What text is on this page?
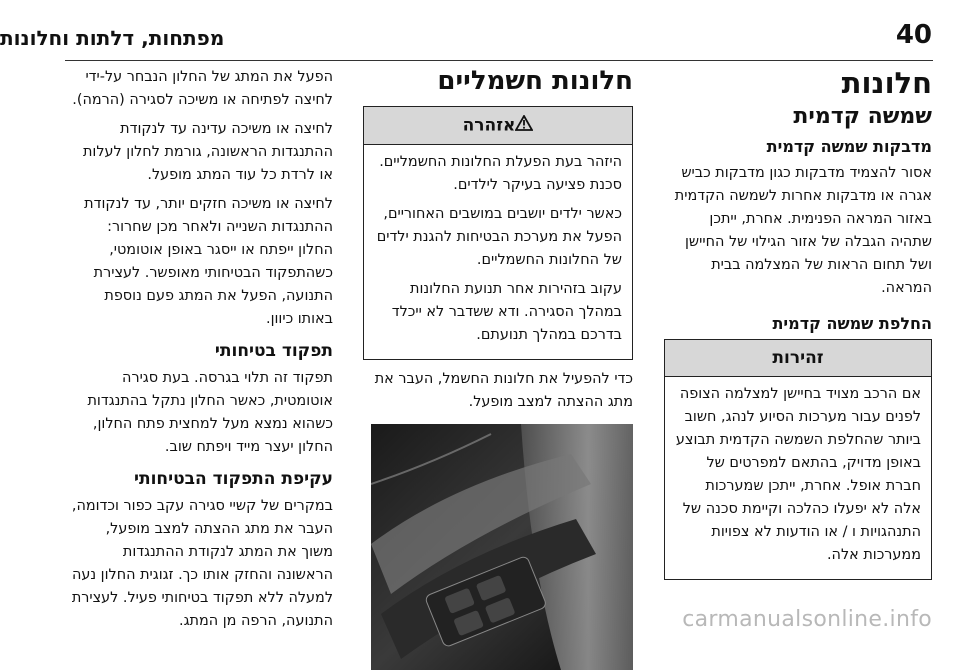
40
מפתחות, דלתות וחלונות
חלונות
שמשה קדמית
מדבקות שמשה קדמית

אסור להצמיד מדבקות כגון מדבקות כביש אגרה או מדבקות אחרות לשמשה הקדמית באזור המראה הפנימית. אחרת, ייתכן שתהיה הגבלה של אזור הגילוי של החיישן ושל תחום הראות של המצלמה בבית המראה.

החלפת שמשה קדמית
זהירות

אם הרכב מצויד בחיישן למצלמה הצופה לפנים עבור מערכות הסיוע לנהג, חשוב ביותר שהחלפת השמשה הקדמית תבוצע באופן מדויק, בהתאם למפרטים של חברת אופל. אחרת, ייתכן שמערכות אלה לא יפעלו כהלכה וקיימת סכנה של התנהגויות ו / או הודעות לא צפויות ממערכות אלה.

חלונות חשמליים
אזהרה

היזהר בעת הפעלת החלונות החשמליים. סכנת פציעה בעיקר לילדים.

כאשר ילדים יושבים במושבים האחוריים, הפעל את מערכת הבטיחות להגנת ילדים של החלונות החשמליים.

עקוב בזהירות אחר תנועת החלונות במהלך הסגירה. ודא ששדבר לא ייכלד בדרכם במהלך תנועתם.

כדי להפעיל את חלונות החשמל, העבר את מתג ההצתה למצב מופעל.

הפעל את המתג של החלון הנבחר על-ידי לחיצה לפתיחה או משיכה לסגירה (הרמה).

לחיצה או משיכה עדינה עד לנקודת ההתנגדות הראשונה, גורמת לחלון לעלות או לרדת כל עוד המתג מופעל.

לחיצה או משיכה חזקים יותר, עד לנקודת ההתנגדות השנייה ולאחר מכן שחרור: החלון ייפתח או ייסגר באופן אוטומטי, כשהתפקוד הבטיחותי מאופשר. לעצירת התנועה, הפעל את המתג פעם נוספת באותו כיוון.

תפקוד בטיחותי

תפקוד זה תלוי בגרסה. בעת סגירה אוטומטית, כאשר החלון נתקל בהתנגדות כשהוא נמצא מעל למחצית פתח החלון, החלון יעצר מייד ויפתח שוב.

עקיפת התפקוד הבטיחותי

במקרים של קשיי סגירה עקב כפור וכדומה, העבר את מתג ההצתה למצב מופעל, משוך את המתג לנקודת ההתנגדות הראשונה והחזק אותו כך. זגוגית החלון נעה למעלה ללא תפקוד בטיחותי פעיל. לעצירת התנועה, הרפה מן המתג.	carmanualsonline.info
